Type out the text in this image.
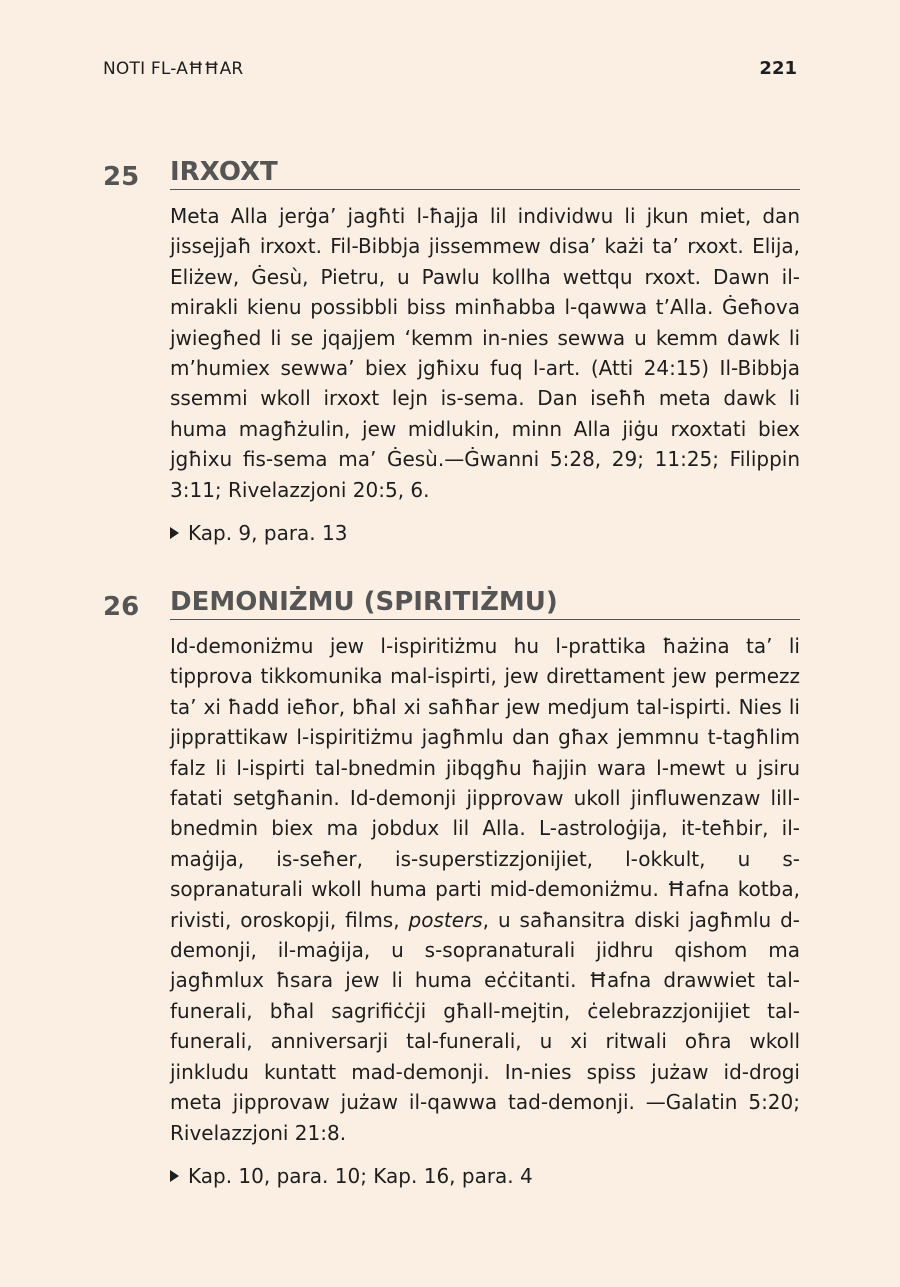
NOTI FL-AĦĦAR	221
25	IRXOXT

Meta Alla jerġa’ jagħti l-ħajja lil individwu li jkun miet, dan jissejjaħ irxoxt. Fil-Bibbja jissemmew disa’ każi ta’ rxoxt. Elija, Eliżew, Ġesù, Pietru, u Pawlu kollha wettqu rxoxt. Dawn il-mirakli kienu possibbli biss minħabba l-qawwa t’Alla. Ġeħova jwiegħed li se jqajjem ‘kemm in-nies sewwa u kemm dawk li m’humiex sewwa’ biex jgħixu fuq l-art. (Atti 24:15) Il-Bibbja ssemmi wkoll irxoxt lejn is-sema. Dan iseħħ meta dawk li huma magħżulin, jew midlukin, minn Alla jiġu rxoxtati biex jgħixu fis-sema ma’ Ġesù.—Ġwanni 5:28, 29; 11:25; Filippin 3:11; Rivelazzjoni 20:5, 6.

Kap. 9, para. 13
26	DEMONIŻMU (SPIRITIŻMU)

Id-demoniżmu jew l-ispiritiżmu hu l-prattika ħażina ta’ li tipprova tikkomunika mal-ispirti, jew direttament jew permezz ta’ xi ħadd ieħor, bħal xi saħħar jew medjum tal-ispirti. Nies li jipprattikaw l-ispiritiżmu jagħmlu dan għax jemmnu t-tagħlim falz li l-ispirti tal-bnedmin jibqgħu ħajjin wara l-mewt u jsiru fatati setgħanin. Id-demonji jipprovaw ukoll jinfluwenzaw lill-bnedmin biex ma jobdux lil Alla. L-astroloġija, it-teħbir, il-maġija, is-seħer, is-superstizzjonijiet, l-okkult, u s-sopranaturali wkoll huma parti mid-demoniżmu. Ħafna kotba, rivisti, oroskopji, films, posters, u saħansitra diski jagħmlu d-demonji, il-maġija, u s-sopranaturali jidhru qishom ma jagħmlux ħsara jew li huma eċċitanti. Ħafna drawwiet tal-funerali, bħal sagrifiċċji għall-mejtin, ċelebrazzjonijiet tal-funerali, anniversarji tal-funerali, u xi ritwali oħra wkoll jinkludu kuntatt mad-demonji. In-nies spiss jużaw id-drogi meta jipprovaw jużaw il-qawwa tad-demonji. —Galatin 5:20; Rivelazzjoni 21:8.

Kap. 10, para. 10; Kap. 16, para. 4
